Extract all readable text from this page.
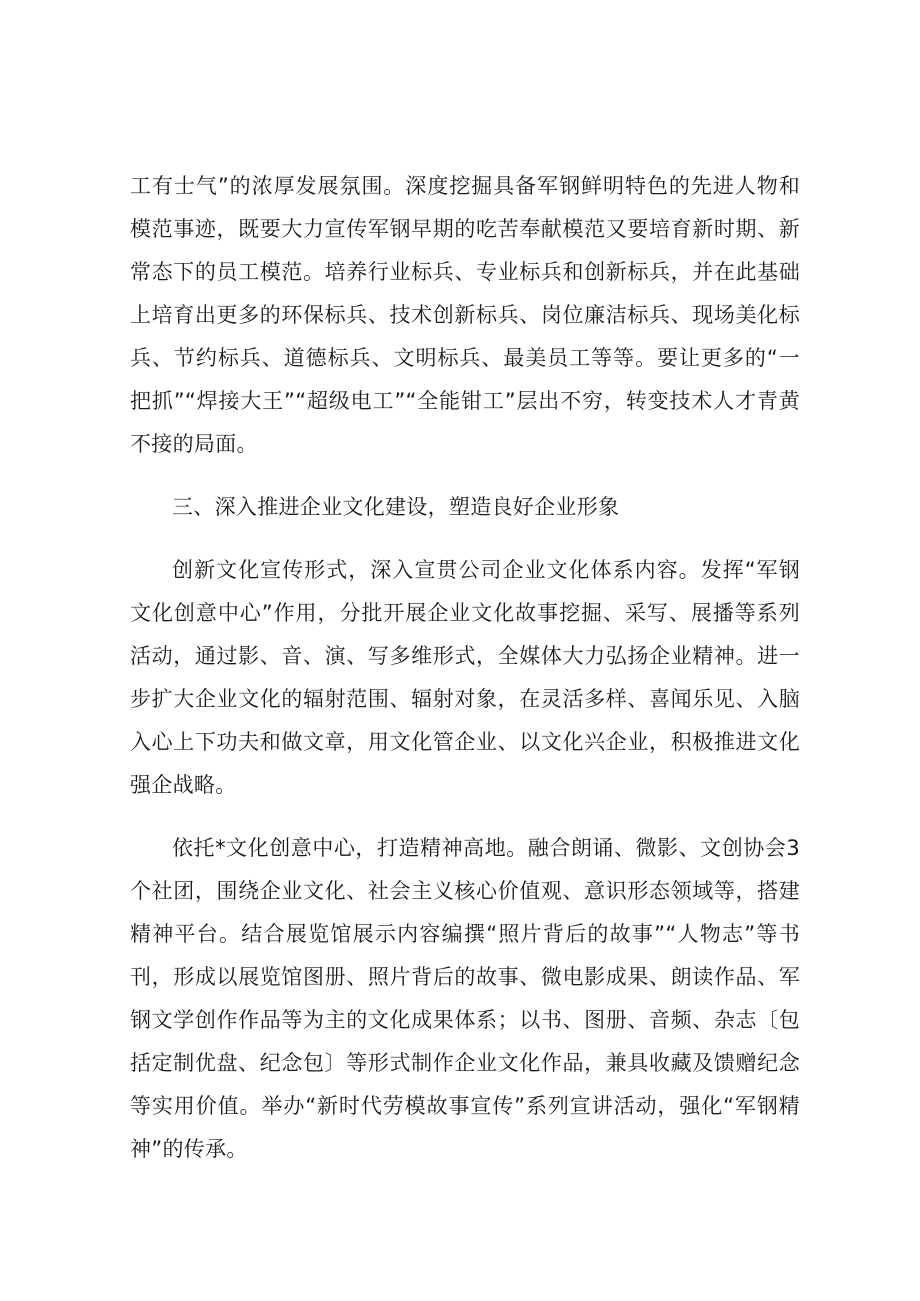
工有士气”的浓厚发展氛围。深度挖掘具备军钢鲜明特色的先进人物和模范事迹，既要大力宣传军钢早期的吃苦奉献模范又要培育新时期、新常态下的员工模范。培养行业标兵、专业标兵和创新标兵，并在此基础上培育出更多的环保标兵、技术创新标兵、岗位廉洁标兵、现场美化标兵、节约标兵、道德标兵、文明标兵、最美员工等等。要让更多的“一把抓”“焊接大王”“超级电工”“全能钳工”层出不穷，转变技术人才青黄不接的局面。

三、深入推进企业文化建设，塑造良好企业形象

创新文化宣传形式，深入宣贯公司企业文化体系内容。发挥“军钢文化创意中心”作用，分批开展企业文化故事挖掘、采写、展播等系列活动，通过影、音、演、写多维形式，全媒体大力弘扬企业精神。进一步扩大企业文化的辐射范围、辐射对象，在灵活多样、喜闻乐见、入脑入心上下功夫和做文章，用文化管企业、以文化兴企业，积极推进文化强企战略。

依托*文化创意中心，打造精神高地。融合朗诵、微影、文创协会3个社团，围绕企业文化、社会主义核心价值观、意识形态领域等，搭建精神平台。结合展览馆展示内容编撰“照片背后的故事”“人物志”等书刊，形成以展览馆图册、照片背后的故事、微电影成果、朗读作品、军钢文学创作作品等为主的文化成果体系；以书、图册、音频、杂志〔包括定制优盘、纪念包〕等形式制作企业文化作品，兼具收藏及馈赠纪念等实用价值。举办“新时代劳模故事宣传”系列宣讲活动，强化“军钢精神”的传承。
